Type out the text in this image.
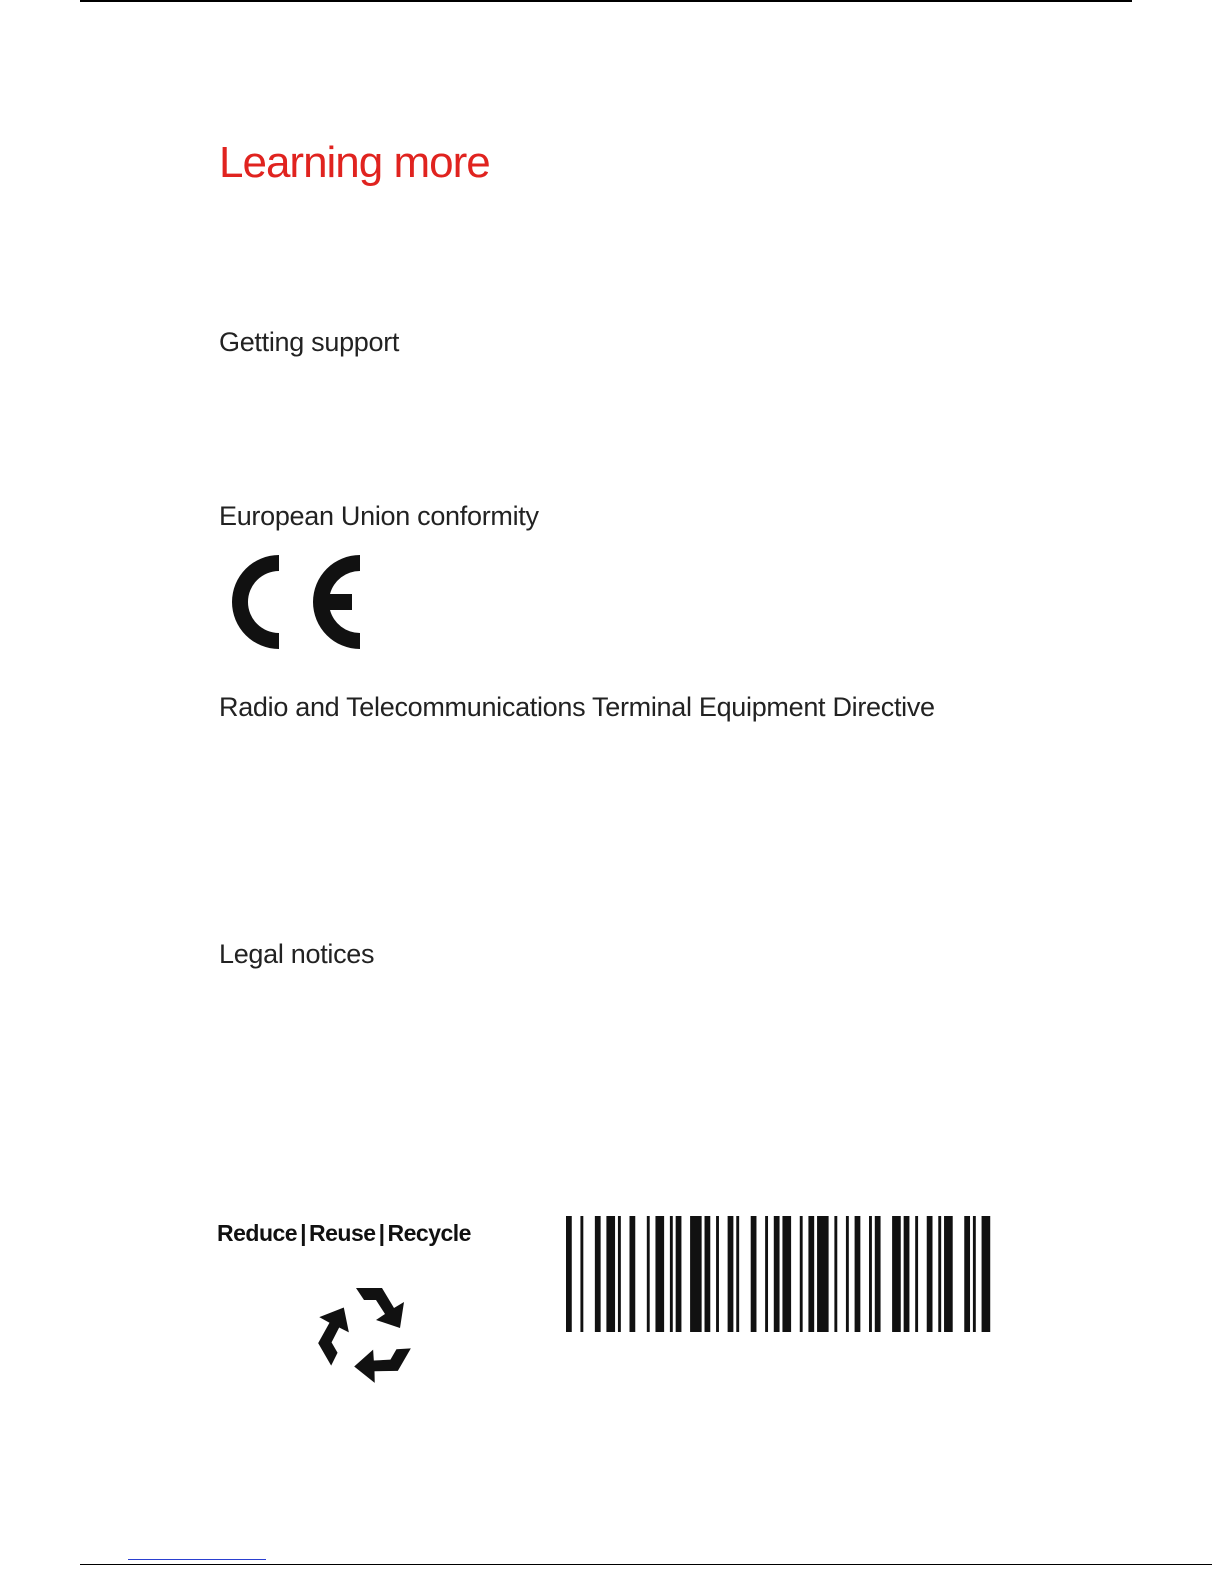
Learning more
Getting support
European Union conformity
Radio and Telecommunications Terminal Equipment Directive
Legal notices
Reduce | Reuse | Recycle
